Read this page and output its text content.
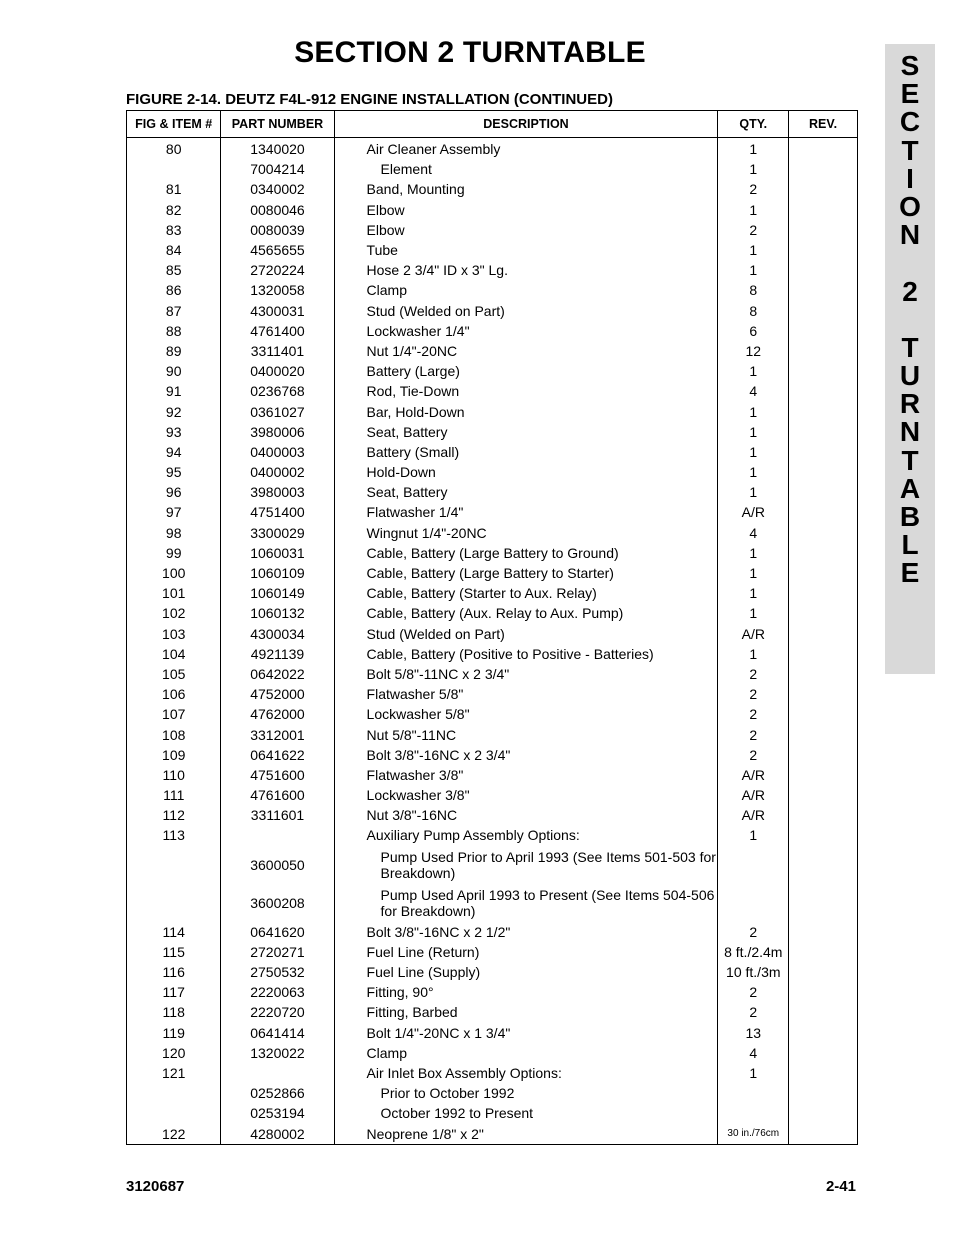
SECTION 2 TURNTABLE
FIGURE 2-14. DEUTZ F4L-912 ENGINE INSTALLATION (CONTINUED)
S
E
C
T
I
O
N
2
T
U
R
N
T
A
B
L
E
FIG & ITEM #	PART NUMBER	DESCRIPTION	QTY.	REV.
80	1340020	Air Cleaner Assembly	1	
	7004214	Element	1	
81	0340002	Band, Mounting	2	
82	0080046	Elbow	1	
83	0080039	Elbow	2	
84	4565655	Tube	1	
85	2720224	Hose 2 3/4" ID x 3" Lg.	1	
86	1320058	Clamp	8	
87	4300031	Stud (Welded on Part)	8	
88	4761400	Lockwasher 1/4"	6	
89	3311401	Nut 1/4"-20NC	12	
90	0400020	Battery (Large)	1	
91	0236768	Rod, Tie-Down	4	
92	0361027	Bar, Hold-Down	1	
93	3980006	Seat, Battery	1	
94	0400003	Battery (Small)	1	
95	0400002	Hold-Down	1	
96	3980003	Seat, Battery	1	
97	4751400	Flatwasher 1/4"	A/R	
98	3300029	Wingnut 1/4"-20NC	4	
99	1060031	Cable, Battery (Large Battery to Ground)	1	
100	1060109	Cable, Battery (Large Battery to Starter)	1	
101	1060149	Cable, Battery (Starter to Aux. Relay)	1	
102	1060132	Cable, Battery (Aux. Relay to Aux. Pump)	1	
103	4300034	Stud (Welded on Part)	A/R	
104	4921139	Cable, Battery (Positive to Positive - Batteries)	1	
105	0642022	Bolt 5/8"-11NC x 2 3/4"	2	
106	4752000	Flatwasher 5/8"	2	
107	4762000	Lockwasher 5/8"	2	
108	3312001	Nut 5/8"-11NC	2	
109	0641622	Bolt 3/8"-16NC x 2 3/4"	2	
110	4751600	Flatwasher 3/8"	A/R	
111	4761600	Lockwasher 3/8"	A/R	
112	3311601	Nut 3/8"-16NC	A/R	
113		Auxiliary Pump Assembly Options:	1	
	3600050	Pump Used Prior to April 1993 (See Items 501-503 for Breakdown)		
	3600208	Pump Used April 1993 to Present (See Items 504-506 for Breakdown)		
114	0641620	Bolt 3/8"-16NC x 2 1/2"	2	
115	2720271	Fuel Line (Return)	8 ft./2.4m	
116	2750532	Fuel Line (Supply)	10 ft./3m	
117	2220063	Fitting, 90°	2	
118	2220720	Fitting, Barbed	2	
119	0641414	Bolt 1/4"-20NC x 1 3/4"	13	
120	1320022	Clamp	4	
121		Air Inlet Box Assembly Options:	1	
	0252866	Prior to October 1992		
	0253194	October 1992 to Present		
122	4280002	Neoprene 1/8" x 2"	30 in./76cm	
3120687	2-41
